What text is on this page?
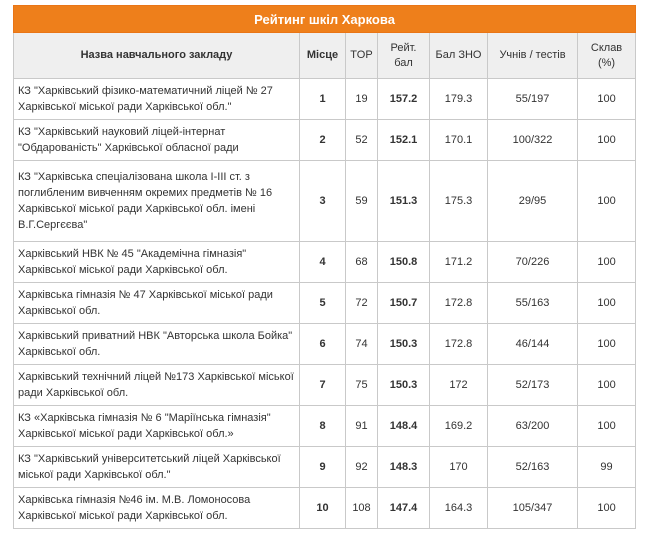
Рейтинг шкіл Харкова						
Назва навчального закладу	Місце	TOP	Рейт. бал	Бал ЗНО	Учнів / тестів	Склав (%)
КЗ "Харківський фізико-математичний ліцей № 27 Харківської міської ради Харківської обл."	1	19	157.2	179.3	55/197	100
КЗ "Харківський науковий ліцей-інтернат "Обдарованість" Харківської обласної ради	2	52	152.1	170.1	100/322	100
КЗ "Харківська спеціалізована школа І-ІІІ ст. з поглибленим вивченням окремих предметів № 16 Харківської міської ради Харківської обл. імені В.Г.Сергєєва"	3	59	151.3	175.3	29/95	100
Харківський НВК № 45 "Академічна гімназія" Харківської міської ради Харківської обл.	4	68	150.8	171.2	70/226	100
Харківська гімназія № 47 Харківської міської ради Харківської обл.	5	72	150.7	172.8	55/163	100
Харківський приватний НВК "Авторська школа Бойка" Харківської обл.	6	74	150.3	172.8	46/144	100
Харківський технічний ліцей №173 Харківської міської ради Харківської обл.	7	75	150.3	172	52/173	100
КЗ «Харківська гімназія № 6 "Маріїнська гімназія" Харківської міської ради Харківської обл.»	8	91	148.4	169.2	63/200	100
КЗ "Харківський університетський ліцей Харківської міської ради Харківської обл."	9	92	148.3	170	52/163	99
Харківська гімназія №46 ім. М.В. Ломоносова Харківської міської ради Харківської обл.	10	108	147.4	164.3	105/347	100
